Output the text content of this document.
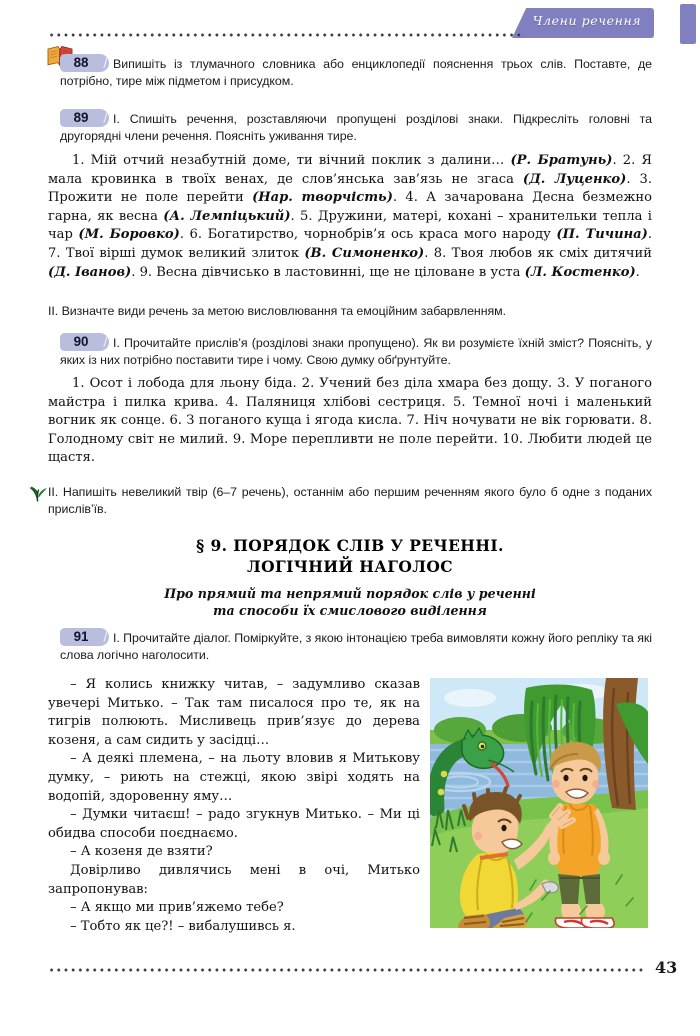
Члени речення
88 Випишіть із тлумачного словника або енциклопедії пояснення трьох слів. Поставте, де потрібно, тире між підметом і присудком.
89 І. Спишіть речення, розставляючи пропущені розділові знаки. Підкресліть головні та другорядні члени речення. Поясніть уживання тире.
1. Мій отчий незабутній доме, ти вічний поклик з далини… (Р. Братунь). 2. Я мала кровинка в твоїх венах, де слов’янська зав’язь не згаса (Д. Луценко). 3. Прожити не поле перейти (Нар. творчість). 4. А зачарована Десна безмежно гарна, як весна (А. Лемпіцький). 5. Дружини, матері, кохані – хранительки тепла і чар (М. Боровко). 6. Богатирство, чорнобрів’я ось краса мого народу (П. Тичина). 7. Твої вірші думок великий злиток (В. Симоненко). 8. Твоя любов як сміх дитячий (Д. Іванов). 9. Весна дівчисько в ластовинні, ще не ціловане в уста (Л. Костенко).
ІІ. Визначте види речень за метою висловлювання та емоційним забарвленням.
90 І. Прочитайте прислів’я (розділові знаки пропущено). Як ви розумієте їхній зміст? Поясніть, у яких із них потрібно поставити тире і чому. Свою думку обґрунтуйте.
1. Осот і лобода для льону біда. 2. Учений без діла хмара без дощу. 3. У поганого майстра і пилка крива. 4. Паляниця хлібові сестриця. 5. Темної ночі і маленький вогник як сонце. 6. З поганого куща і ягода кисла. 7. Ніч ночувати не вік горювати. 8. Голодному світ не милий. 9. Море перепливти не поле перейти. 10. Любити людей це щастя.
ІІ. Напишіть невеликий твір (6–7 речень), останнім або першим реченням якого було б одне з поданих прислів’їв.
§ 9. ПОРЯДОК СЛІВ У РЕЧЕННІ.
ЛОГІЧНИЙ НАГОЛОС
Про прямий та непрямий порядок слів у реченні
та способи їх смислового виділення
91 І. Прочитайте діалог. Поміркуйте, з якою інтонацією треба вимовляти кожну його репліку та які слова логічно наголосити.

– Я колись книжку читав, – задумливо сказав увечері Митько. – Так там писалося про те, як на тигрів полюють. Мисливець прив’язує до дерева козеня, а сам сидить у засідці…

– А деякі племена, – на льоту вловив я Митькову думку, – риють на стежці, якою звірі ходять на водопій, здоровенну яму…

– Думки читаєш! – радо згукнув Митько. – Ми ці обидва способи поєднаємо.

– А козеня де взяти?

Довірливо дивлячись мені в очі, Митько запропонував:

– А якщо ми прив’яжемо тебе?

– Тобто як це?! – вибалушивсь я.

43
